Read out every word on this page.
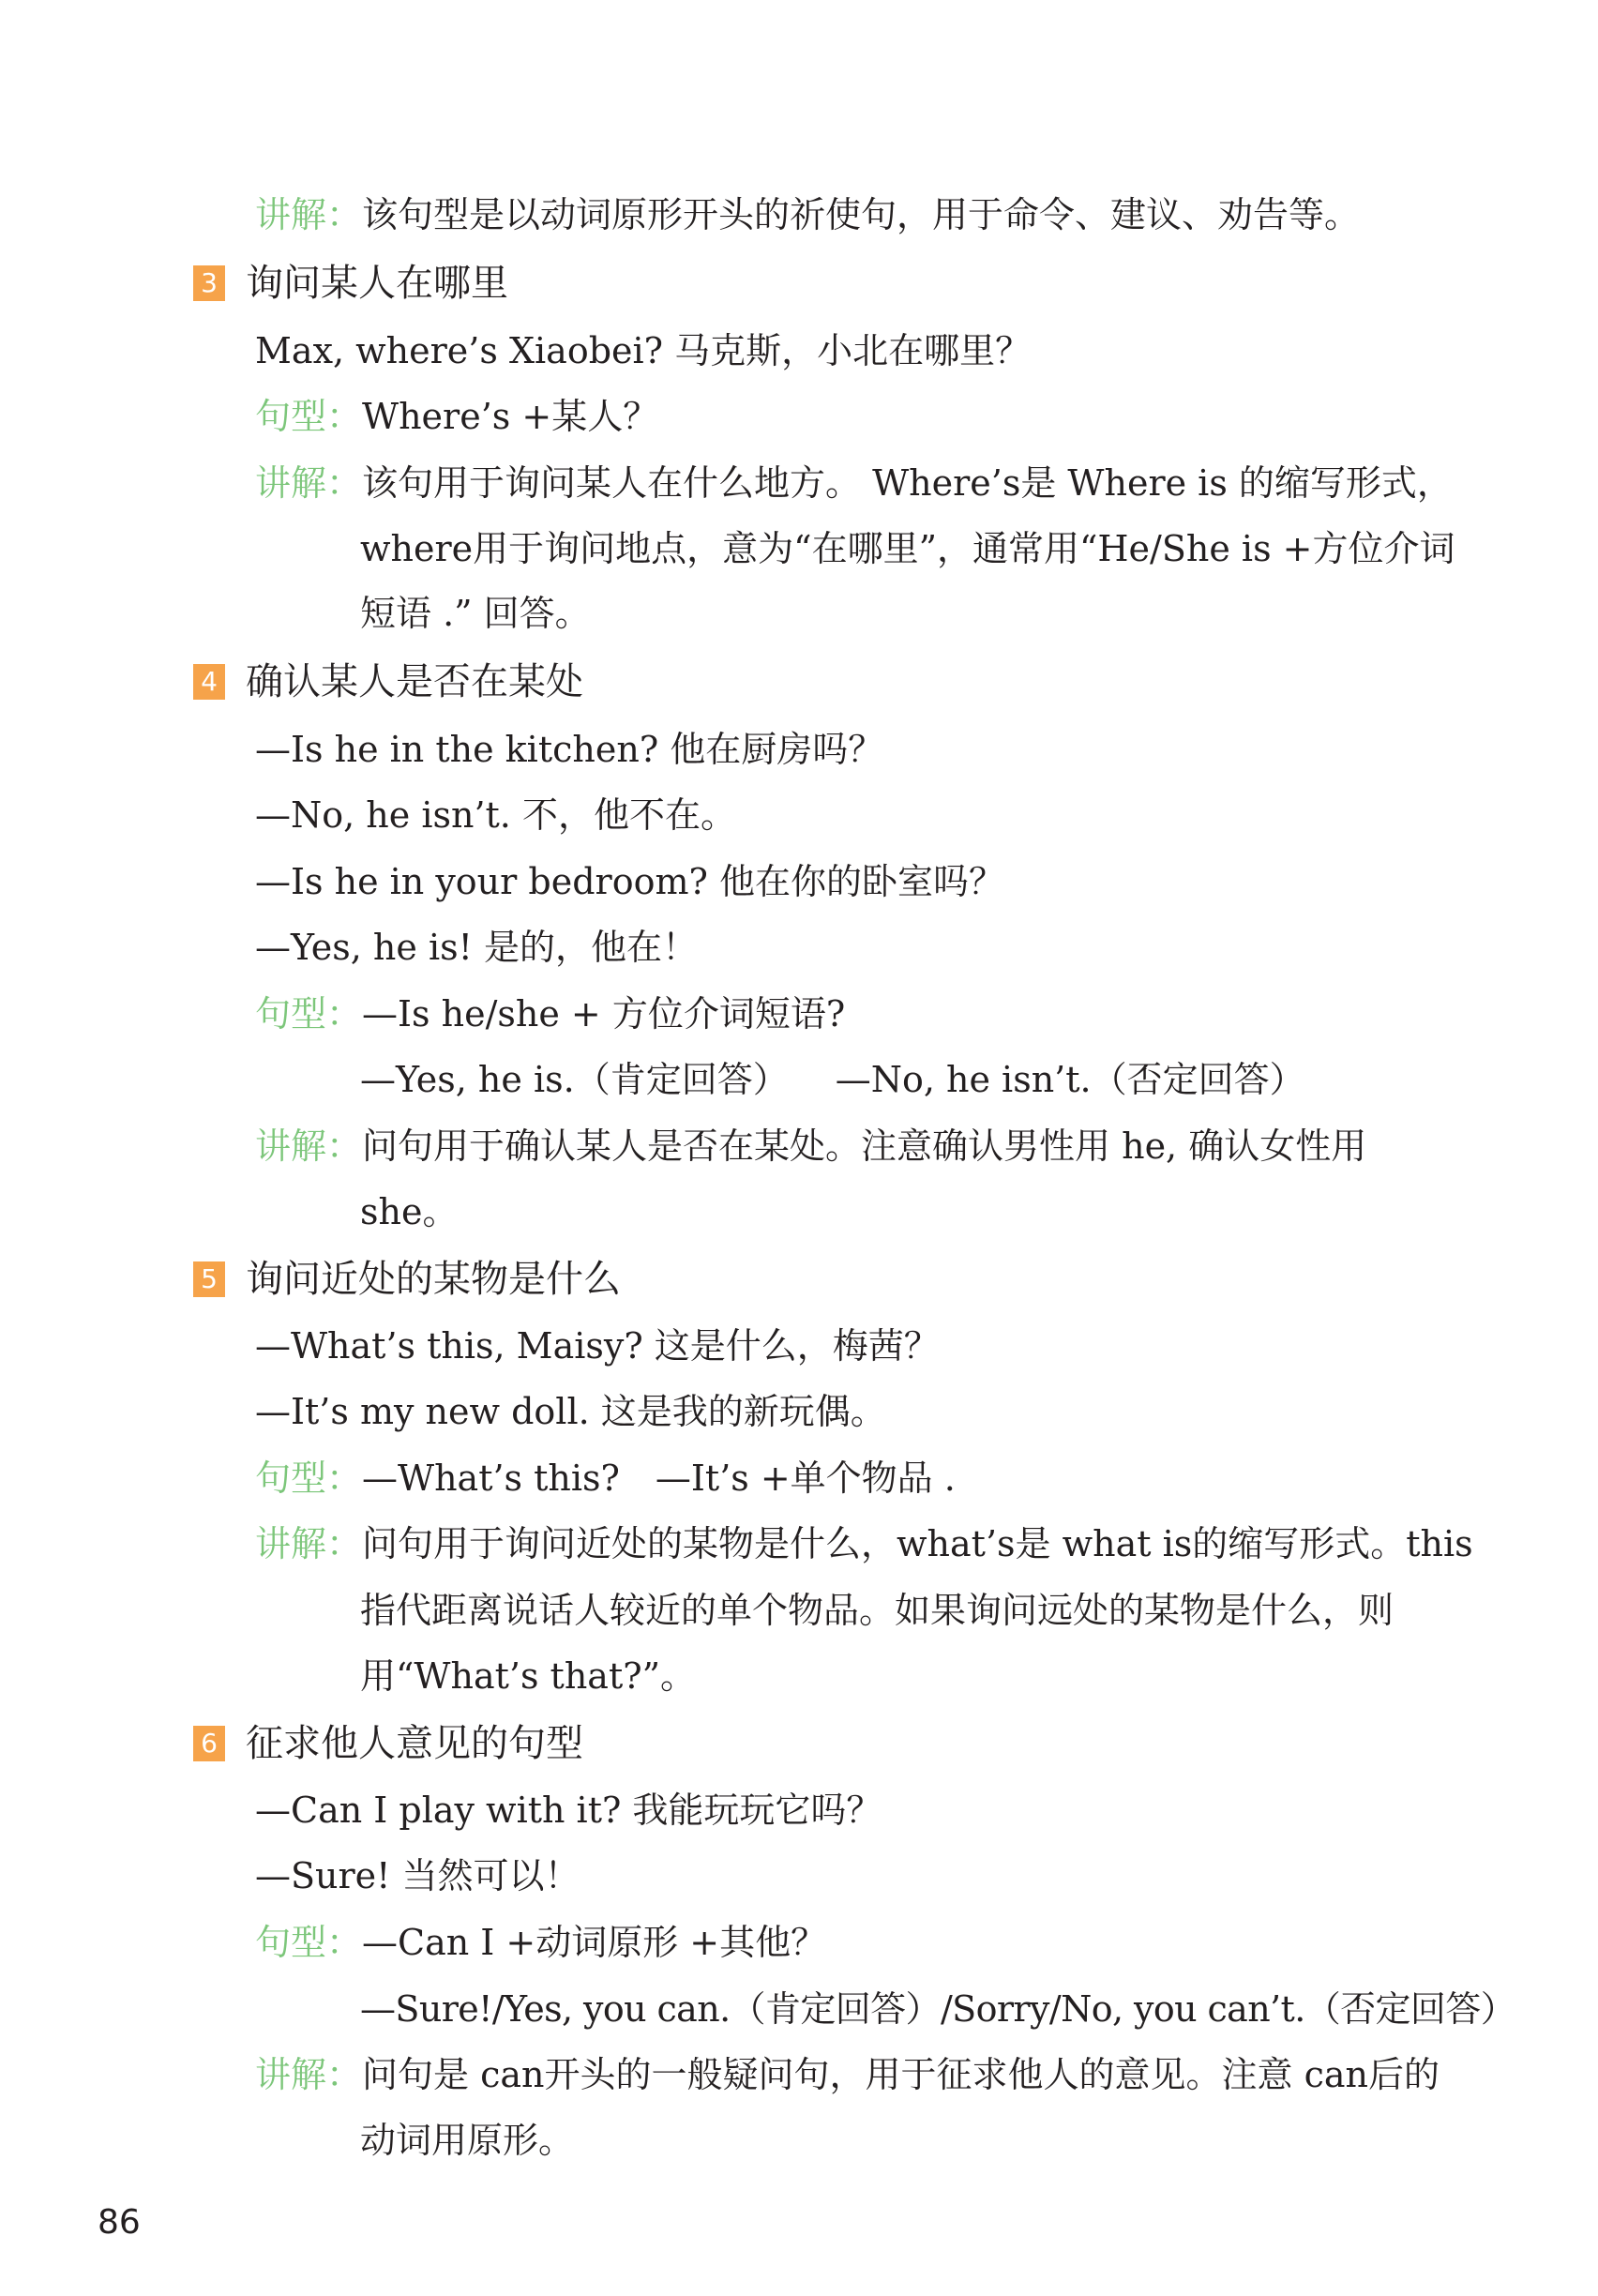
讲解：该句型是以动词原形开头的祈使句，用于命令、建议、劝告等。
3 询问某人在哪里
Max, where’s Xiaobei? 马克斯，小北在哪里？
句型：Where’s +某人？
讲解：该句用于询问某人在什么地方。 Where’s是 Where is 的缩写形式，
where用于询问地点，意为“在哪里”，通常用“He/She is +方位介词
短语 .” 回答。
4 确认某人是否在某处
—Is he in the kitchen? 他在厨房吗？
—No, he isn’t. 不，他不在。
—Is he in your bedroom? 他在你的卧室吗？
—Yes, he is! 是的，他在！
句型：—Is he/she + 方位介词短语?
—Yes, he is.（肯定回答） —No, he isn’t.（否定回答）
讲解：问句用于确认某人是否在某处。注意确认男性用 he, 确认女性用
she。
5 询问近处的某物是什么
—What’s this, Maisy? 这是什么，梅茜？
—It’s my new doll. 这是我的新玩偶。
句型：—What’s this? —It’s +单个物品 .
讲解：问句用于询问近处的某物是什么，what’s是 what is的缩写形式。this
指代距离说话人较近的单个物品。如果询问远处的某物是什么，则
用“What’s that?”。
6 征求他人意见的句型
—Can I play with it? 我能玩玩它吗？
—Sure! 当然可以！
句型：—Can I +动词原形 +其他？
—Sure!/Yes, you can.（肯定回答）/Sorry/No, you can’t.（否定回答）
讲解：问句是 can开头的一般疑问句，用于征求他人的意见。注意 can后的
动词用原形。
86
